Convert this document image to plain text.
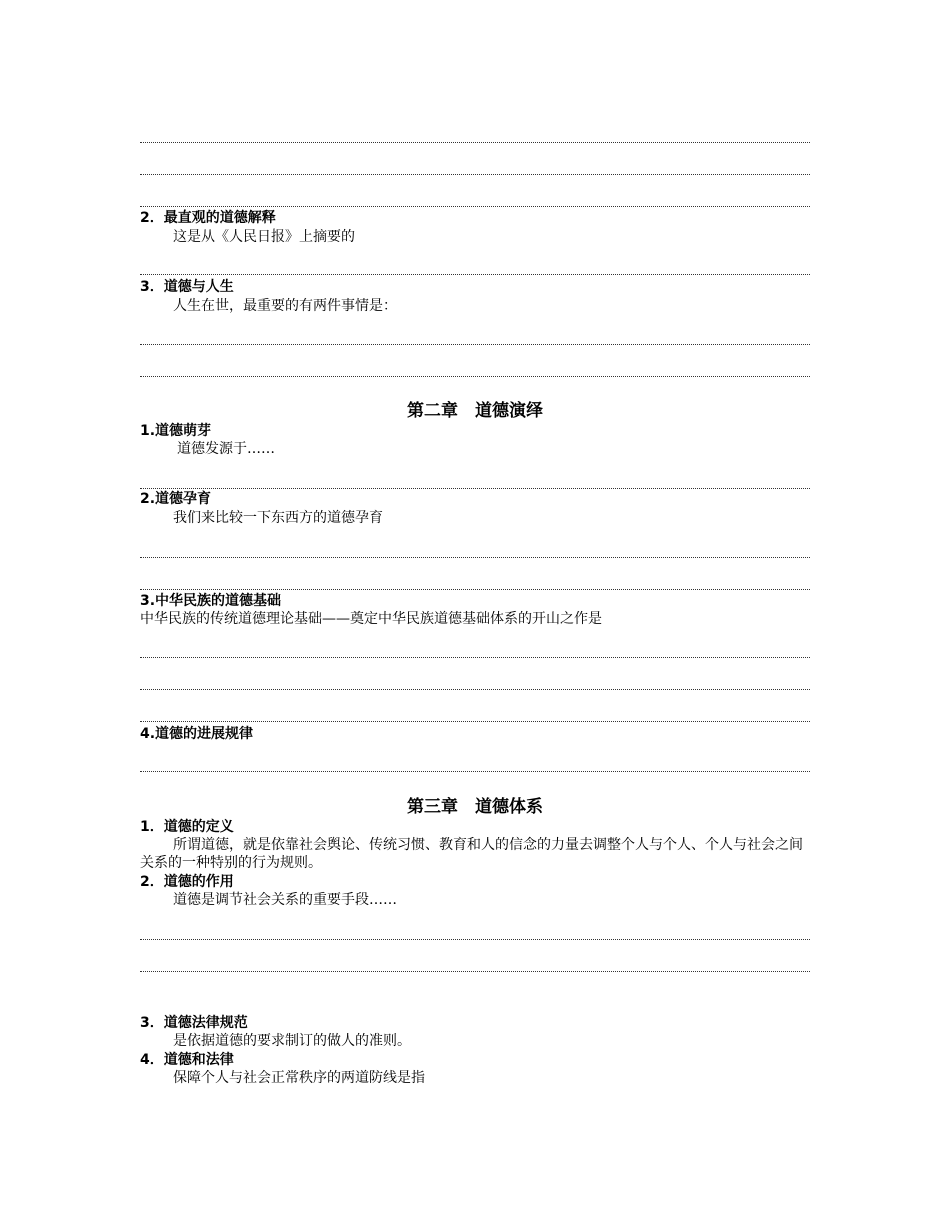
2．最直观的道德解释
这是从《人民日报》上摘要的
3．道德与人生
人生在世，最重要的有两件事情是：
第二章　道德演绎
1.道德萌芽
道德发源于……
2.道德孕育
我们来比较一下东西方的道德孕育
3.中华民族的道德基础
中华民族的传统道德理论基础——奠定中华民族道德基础体系的开山之作是
4.道德的进展规律
第三章　道德体系
1．道德的定义
所谓道德，就是依靠社会舆论、传统习惯、教育和人的信念的力量去调整个人与个人、个人与社会之间关系的一种特别的行为规则。
2．道德的作用
道德是调节社会关系的重要手段……
3．道德法律规范
是依据道德的要求制订的做人的准则。
4．道德和法律
保障个人与社会正常秩序的两道防线是指
